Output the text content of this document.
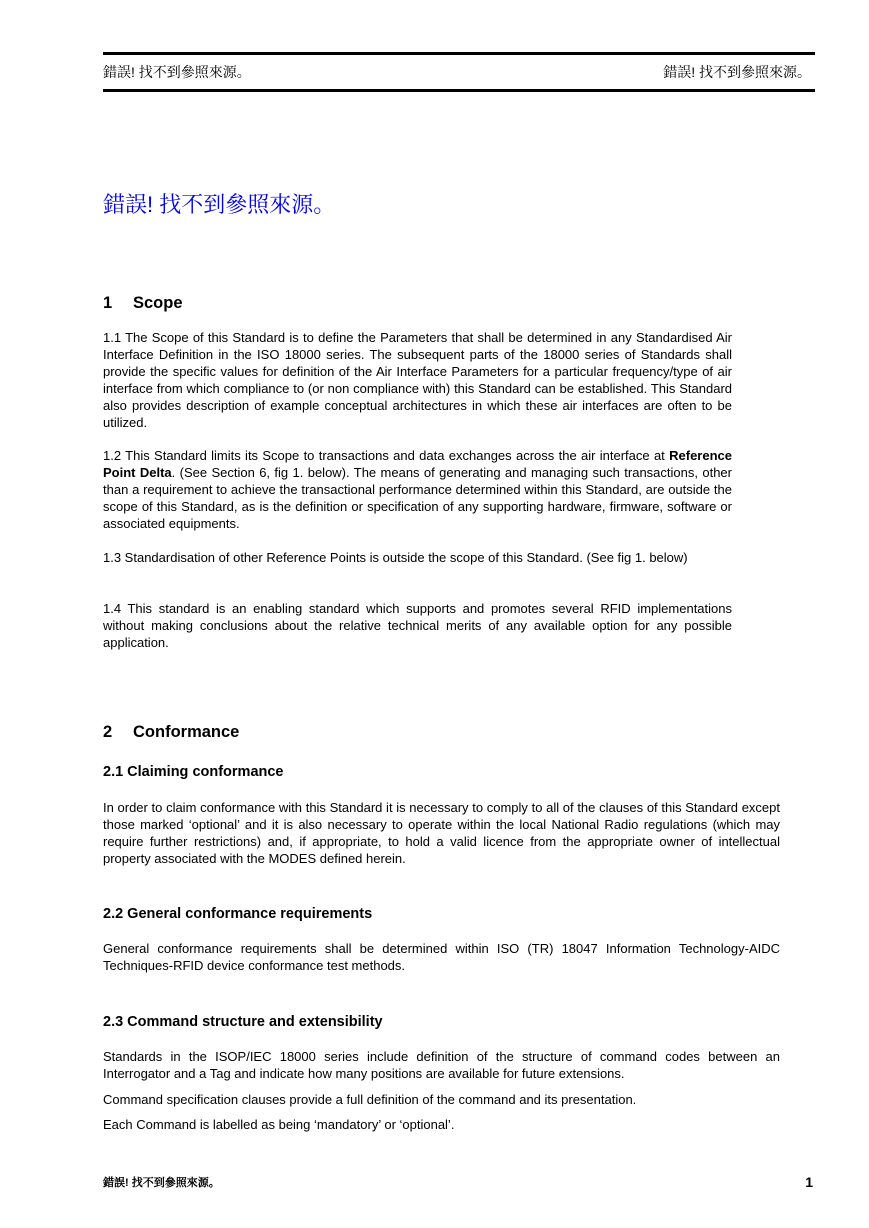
錯誤! 找不到參照來源。	錯誤! 找不到參照來源。
錯誤! 找不到參照來源。
1 Scope
1.1 The Scope of this Standard is to define the Parameters that shall be determined in any Standardised Air Interface Definition in the ISO 18000 series. The subsequent parts of the 18000 series of Standards shall provide the specific values for definition of the Air Interface Parameters for a particular frequency/type of air interface from which compliance to (or non compliance with) this Standard can be established. This Standard also provides description of example conceptual architectures in which these air interfaces are often to be utilized.
1.2 This Standard limits its Scope to transactions and data exchanges across the air interface at Reference Point Delta. (See Section 6, fig 1. below). The means of generating and managing such transactions, other than a requirement to achieve the transactional performance determined within this Standard, are outside the scope of this Standard, as is the definition or specification of any supporting hardware, firmware, software or associated equipments.
1.3 Standardisation of other Reference Points is outside the scope of this Standard. (See fig 1. below)
1.4 This standard is an enabling standard which supports and promotes several RFID implementations without making conclusions about the relative technical merits of any available option for any possible application.
2 Conformance
2.1 Claiming conformance
In order to claim conformance with this Standard it is necessary to comply to all of the clauses of this Standard except those marked ‘optional’ and it is also necessary to operate within the local National Radio regulations (which may require further restrictions) and, if appropriate, to hold a valid licence from the appropriate owner of intellectual property associated with the MODES defined herein.
2.2 General conformance requirements
General conformance requirements shall be determined within ISO (TR) 18047 Information Technology-AIDC Techniques-RFID device conformance test methods.
2.3 Command structure and extensibility
Standards in the ISOP/IEC 18000 series include definition of the structure of command codes between an Interrogator and a Tag and indicate how many positions are available for future extensions.
Command specification clauses provide a full definition of the command and its presentation.
Each Command is labelled as being ‘mandatory’ or ‘optional’.
錯誤! 找不到參照來源。	1
